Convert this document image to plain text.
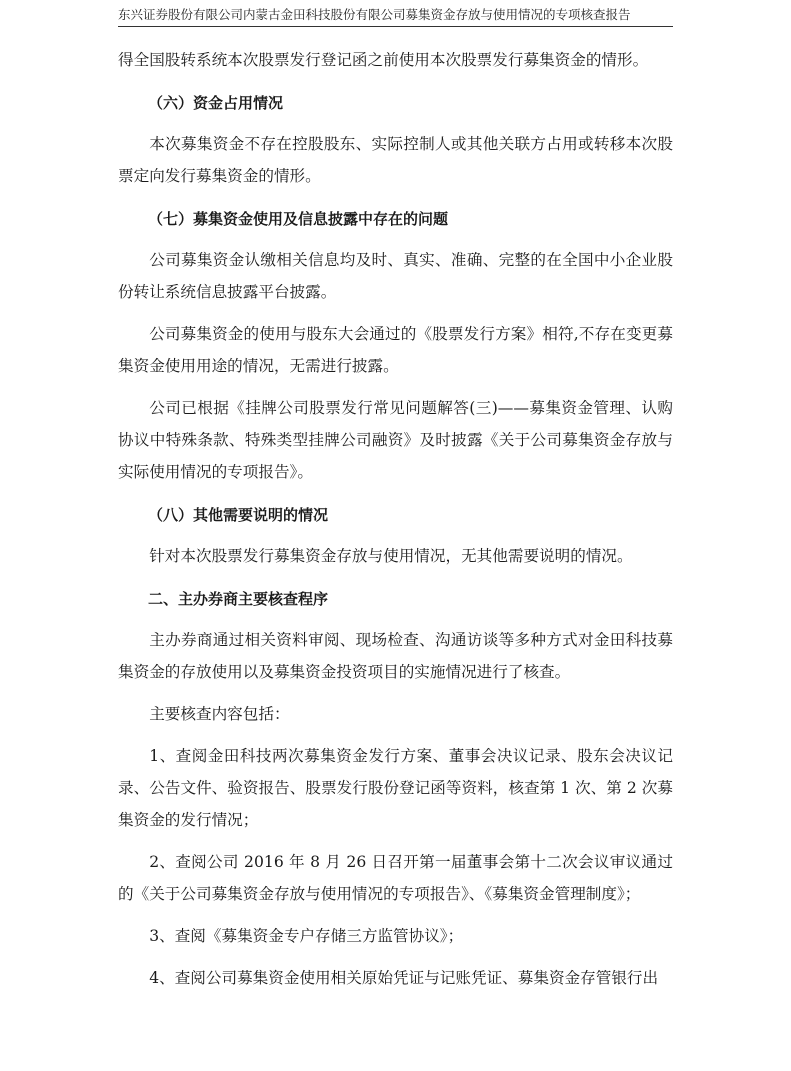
东兴证券股份有限公司内蒙古金田科技股份有限公司募集资金存放与使用情况的专项核查报告

得全国股转系统本次股票发行登记函之前使用本次股票发行募集资金的情形。

（六）资金占用情况

本次募集资金不存在控股股东、实际控制人或其他关联方占用或转移本次股票定向发行募集资金的情形。

（七）募集资金使用及信息披露中存在的问题

公司募集资金认缴相关信息均及时、真实、准确、完整的在全国中小企业股份转让系统信息披露平台披露。

公司募集资金的使用与股东大会通过的《股票发行方案》相符,不存在变更募集资金使用用途的情况，无需进行披露。

公司已根据《挂牌公司股票发行常见问题解答(三)——募集资金管理、认购协议中特殊条款、特殊类型挂牌公司融资》及时披露《关于公司募集资金存放与实际使用情况的专项报告》。

（八）其他需要说明的情况

针对本次股票发行募集资金存放与使用情况，无其他需要说明的情况。

二、主办券商主要核查程序

主办券商通过相关资料审阅、现场检查、沟通访谈等多种方式对金田科技募集资金的存放使用以及募集资金投资项目的实施情况进行了核查。

主要核查内容包括：

1、查阅金田科技两次募集资金发行方案、董事会决议记录、股东会决议记录、公告文件、验资报告、股票发行股份登记函等资料，核查第 1 次、第 2 次募集资金的发行情况；

2、查阅公司 2016 年 8 月 26 日召开第一届董事会第十二次会议审议通过的《关于公司募集资金存放与使用情况的专项报告》、《募集资金管理制度》；

3、查阅《募集资金专户存储三方监管协议》；

4、查阅公司募集资金使用相关原始凭证与记账凭证、募集资金存管银行出
